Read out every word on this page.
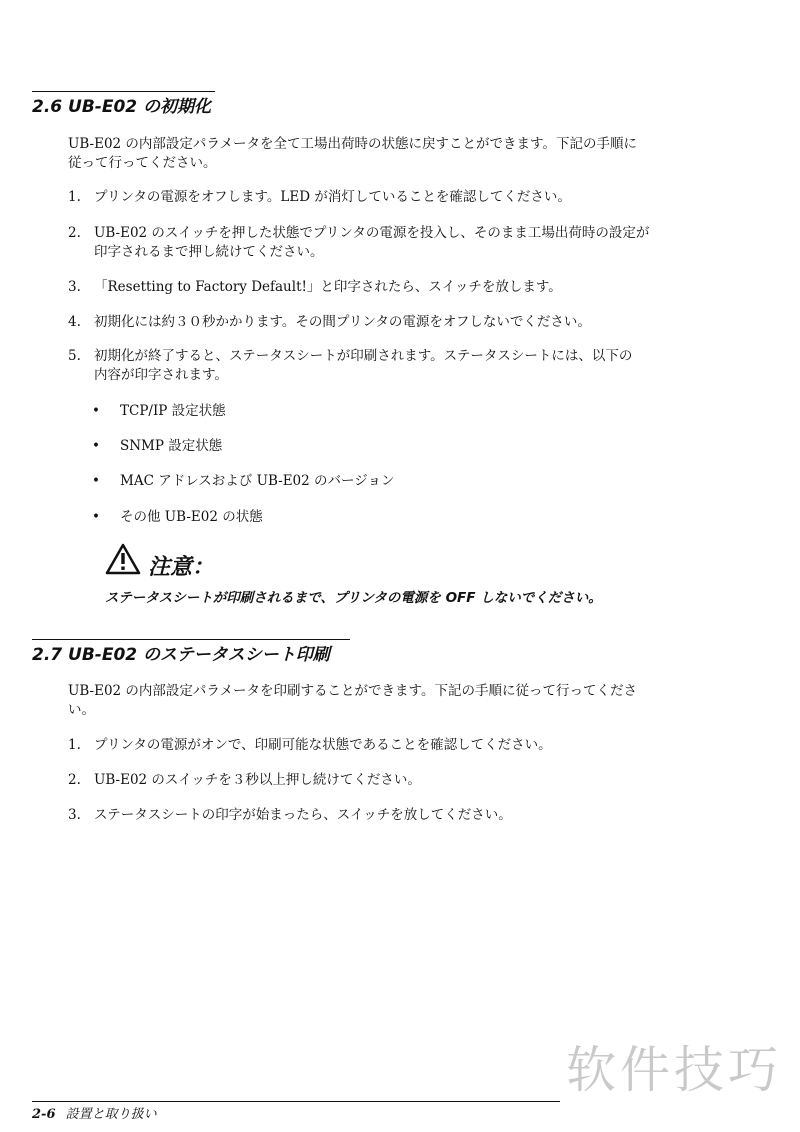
2.6 UB-E02 の初期化

UB-E02 の内部設定パラメータを全て工場出荷時の状態に戻すことができます。下記の手順に
従って行ってください。

1. プリンタの電源をオフします。LED が消灯していることを確認してください。
2. UB-E02 のスイッチを押した状態でプリンタの電源を投入し、そのまま工場出荷時の設定が
印字されるまで押し続けてください。
3. 「Resetting to Factory Default!」と印字されたら、スイッチを放します。
4. 初期化には約３０秒かかります。その間プリンタの電源をオフしないでください。
5. 初期化が終了すると、ステータスシートが印刷されます。ステータスシートには、以下の
内容が印字されます。
• TCP/IP 設定状態
• SNMP 設定状態
• MAC アドレスおよび UB-E02 のバージョン
• その他 UB-E02 の状態
注意：
ステータスシートが印刷されるまで、プリンタの電源を OFF しないでください。
2.7 UB-E02 のステータスシート印刷

UB-E02 の内部設定パラメータを印刷することができます。下記の手順に従って行ってくださ
い。

1. プリンタの電源がオンで、印刷可能な状態であることを確認してください。
2. UB-E02 のスイッチを３秒以上押し続けてください。
3. ステータスシートの印字が始まったら、スイッチを放してください。
软件技巧
2-6 設置と取り扱い
